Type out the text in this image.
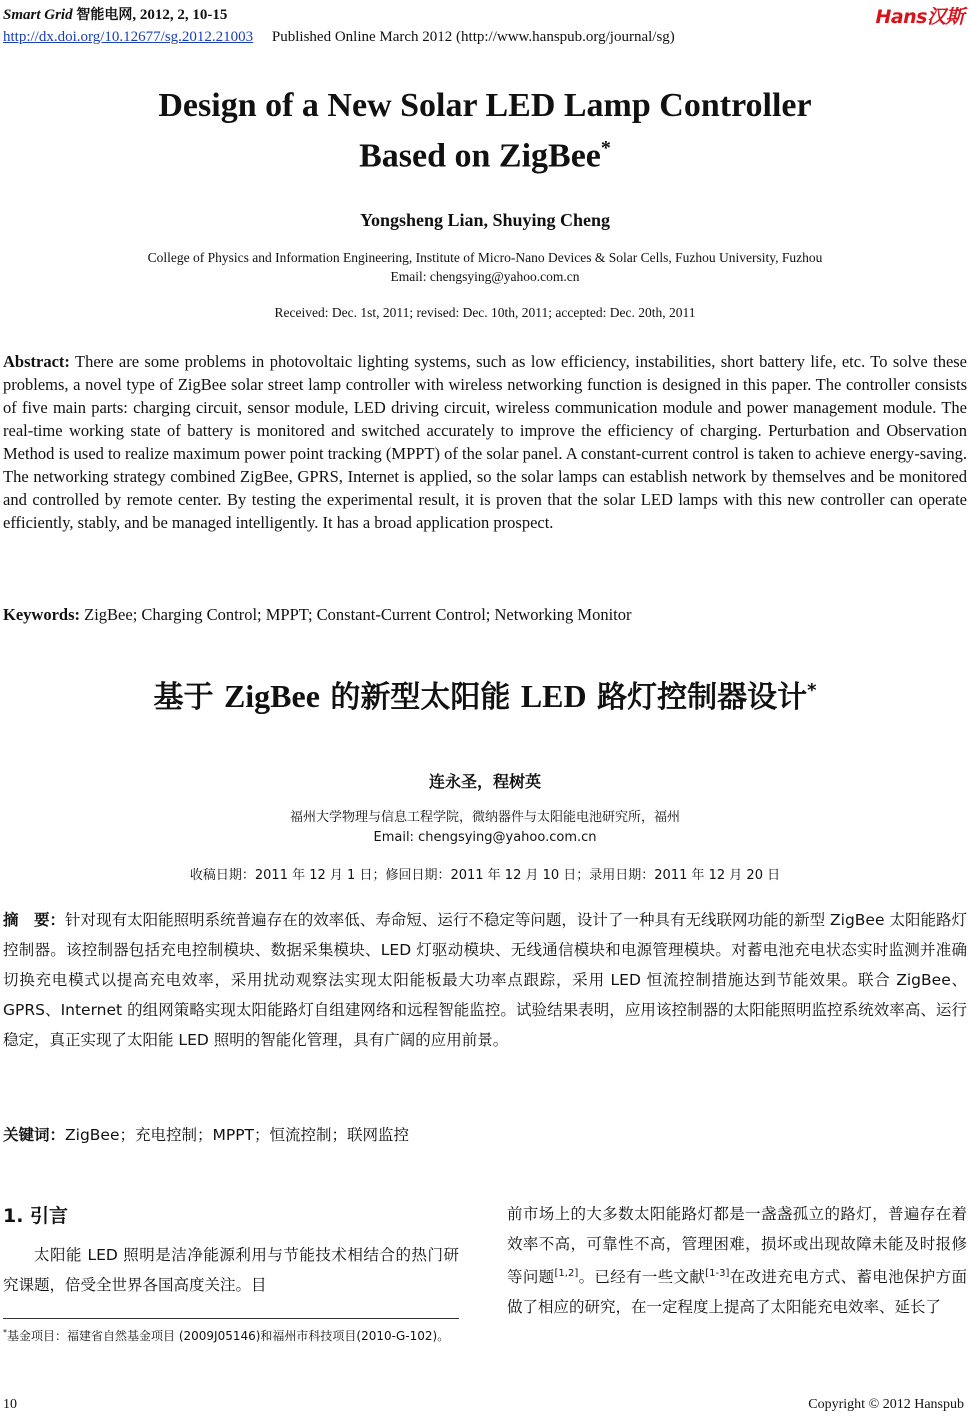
Smart Grid 智能电网, 2012, 2, 10-15
http://dx.doi.org/10.12677/sg.2012.21003 Published Online March 2012 (http://www.hanspub.org/journal/sg)
Hans汉斯
Design of a New Solar LED Lamp Controller
Based on ZigBee*
Yongsheng Lian, Shuying Cheng
College of Physics and Information Engineering, Institute of Micro-Nano Devices & Solar Cells, Fuzhou University, Fuzhou
Email: chengsying@yahoo.com.cn
Received: Dec. 1st, 2011; revised: Dec. 10th, 2011; accepted: Dec. 20th, 2011
Abstract: There are some problems in photovoltaic lighting systems, such as low efficiency, instabilities, short battery life, etc. To solve these problems, a novel type of ZigBee solar street lamp controller with wireless networking function is designed in this paper. The controller consists of five main parts: charging circuit, sensor module, LED driving circuit, wireless communication module and power management module. The real-time working state of battery is monitored and switched accurately to improve the efficiency of charging. Perturbation and Observation Method is used to realize maximum power point tracking (MPPT) of the solar panel. A constant-current control is taken to achieve energy-saving. The networking strategy combined ZigBee, GPRS, Internet is applied, so the solar lamps can establish network by themselves and be monitored and controlled by remote center. By testing the experimental result, it is proven that the solar LED lamps with this new controller can operate efficiently, stably, and be managed intelligently. It has a broad application prospect.
Keywords: ZigBee; Charging Control; MPPT; Constant-Current Control; Networking Monitor
基于 ZigBee 的新型太阳能 LED 路灯控制器设计*
连永圣，程树英
福州大学物理与信息工程学院，微纳器件与太阳能电池研究所，福州
Email: chengsying@yahoo.com.cn
收稿日期：2011 年 12 月 1 日；修回日期：2011 年 12 月 10 日；录用日期：2011 年 12 月 20 日
摘　要：针对现有太阳能照明系统普遍存在的效率低、寿命短、运行不稳定等问题，设计了一种具有无线联网功能的新型 ZigBee 太阳能路灯控制器。该控制器包括充电控制模块、数据采集模块、LED 灯驱动模块、无线通信模块和电源管理模块。对蓄电池充电状态实时监测并准确切换充电模式以提高充电效率，采用扰动观察法实现太阳能板最大功率点跟踪，采用 LED 恒流控制措施达到节能效果。联合 ZigBee、GPRS、Internet 的组网策略实现太阳能路灯自组建网络和远程智能监控。试验结果表明，应用该控制器的太阳能照明监控系统效率高、运行稳定，真正实现了太阳能 LED 照明的智能化管理，具有广阔的应用前景。
关键词：ZigBee；充电控制；MPPT；恒流控制；联网监控
1. 引言
太阳能 LED 照明是洁净能源利用与节能技术相结合的热门研究课题，倍受全世界各国高度关注。目
前市场上的大多数太阳能路灯都是一盏盏孤立的路灯，普遍存在着效率不高，可靠性不高，管理困难，损坏或出现故障未能及时报修等问题[1,2]。已经有一些文献[1-3]在改进充电方式、蓄电池保护方面做了相应的研究，在一定程度上提高了太阳能充电效率、延长了
*基金项目：福建省自然基金项目 (2009J05146)和福州市科技项目(2010-G-102)。
10	Copyright © 2012 Hanspub
